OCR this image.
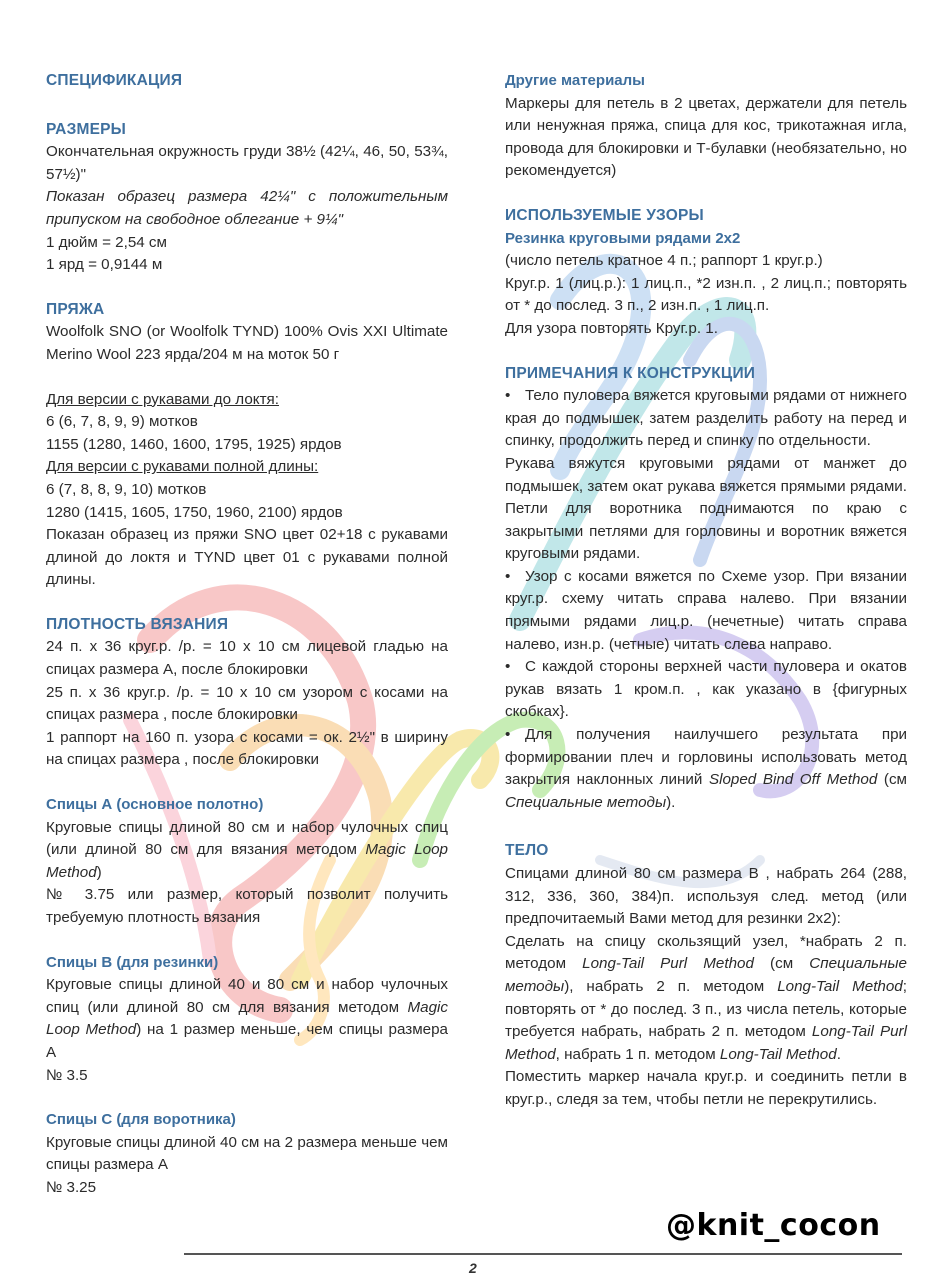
СПЕЦИФИКАЦИЯ

РАЗМЕРЫ

Окончательная окружность груди 38½ (42¼, 46, 50, 53¾, 57½)"

Показан образец размера 42¼" с положительным припуском на свободное облегание + 9¼"

1 дюйм = 2,54 см

1 ярд = 0,9144 м

ПРЯЖА

Woolfolk SNO (or Woolfolk TYND) 100% Ovis XXI Ultimate Merino Wool 223 ярда/204 м на моток 50 г

Для версии с рукавами до локтя:

6 (6, 7, 8, 9, 9) мотков

1155 (1280, 1460, 1600, 1795, 1925) ярдов

Для версии с рукавами полной длины:

6 (7, 8, 8, 9, 10) мотков

1280 (1415, 1605, 1750, 1960, 2100) ярдов

Показан образец из пряжи SNO цвет 02+18 с рукавами длиной до локтя и TYND цвет 01 с рукавами полной длины.

ПЛОТНОСТЬ ВЯЗАНИЯ

24 п. х 36 круг.р. /р. = 10 х 10 см лицевой гладью на спицах размера А, после блокировки

25 п. х 36 круг.р. /р. = 10 х 10 см узором с косами на спицах размера , после блокировки

1 раппорт на 160 п. узора с косами = ок. 2½" в ширину на спицах размера , после блокировки

Спицы А (основное полотно)

Круговые спицы длиной 80 см и набор чулочных спиц (или длиной 80 см для вязания методом Magic Loop Method)

№ 3.75 или размер, который позволит получить требуемую плотность вязания

Спицы В (для резинки)

Круговые спицы длиной 40 и 80 см и набор чулочных спиц (или длиной 80 см для вязания методом Magic Loop Method) на 1 размер меньше, чем спицы размера А

№ 3.5

Спицы С (для воротника)

Круговые спицы длиной 40 см на 2 размера меньше чем спицы размера А

№ 3.25

Другие материалы

Маркеры для петель в 2 цветах, держатели для петель или ненужная пряжа, спица для кос, трикотажная игла, провода для блокировки и Т-булавки (необязательно, но рекомендуется)

ИСПОЛЬЗУЕМЫЕ УЗОРЫ

Резинка круговыми рядами 2х2

(число петель кратное 4 п.; раппорт 1 круг.р.)

Круг.р. 1 (лиц.р.): 1 лиц.п., *2 изн.п. , 2 лиц.п.; повторять от * до послед. 3 п., 2 изн.п. , 1 лиц.п.

Для узора повторять Круг.р. 1.

ПРИМЕЧАНИЯ К КОНСТРУКЦИИ

• Тело пуловера вяжется круговыми рядами от нижнего края до подмышек, затем разделить работу на перед и спинку, продолжить перед и спинку по отдельности.

Рукава вяжутся круговыми рядами от манжет до подмышек, затем окат рукава вяжется прямыми рядами. Петли для воротника поднимаются по краю с закрытыми петлями для горловины и воротник вяжется круговыми рядами.

• Узор с косами вяжется по Схеме узор. При вязании круг.р. схему читать справа налево. При вязании прямыми рядами лиц.р. (нечетные) читать справа налево, изн.р. (четные) читать слева направо.

• С каждой стороны верхней части пуловера и окатов рукав вязать 1 кром.п. , как указано в {фигурных скобках}.

• Для получения наилучшего результата при формировании плеч и горловины использовать метод закрытия наклонных линий Sloped Bind Off Method (см Специальные методы).

ТЕЛО

Спицами длиной 80 см размера В , набрать 264 (288, 312, 336, 360, 384)п. используя след. метод (или предпочитаемый Вами метод для резинки 2х2):

Сделать на спицу скользящий узел, *набрать 2 п. методом Long-Tail Purl Method (см Специальные методы), набрать 2 п. методом Long-Tail Method; повторять от * до послед. 3 п., из числа петель, которые требуется набрать, набрать 2 п. методом Long-Tail Purl Method, набрать 1 п. методом Long-Tail Method.

Поместить маркер начала круг.р. и соединить петли в круг.р., следя за тем, чтобы петли не перекрутились.

@knit_cocon
2
